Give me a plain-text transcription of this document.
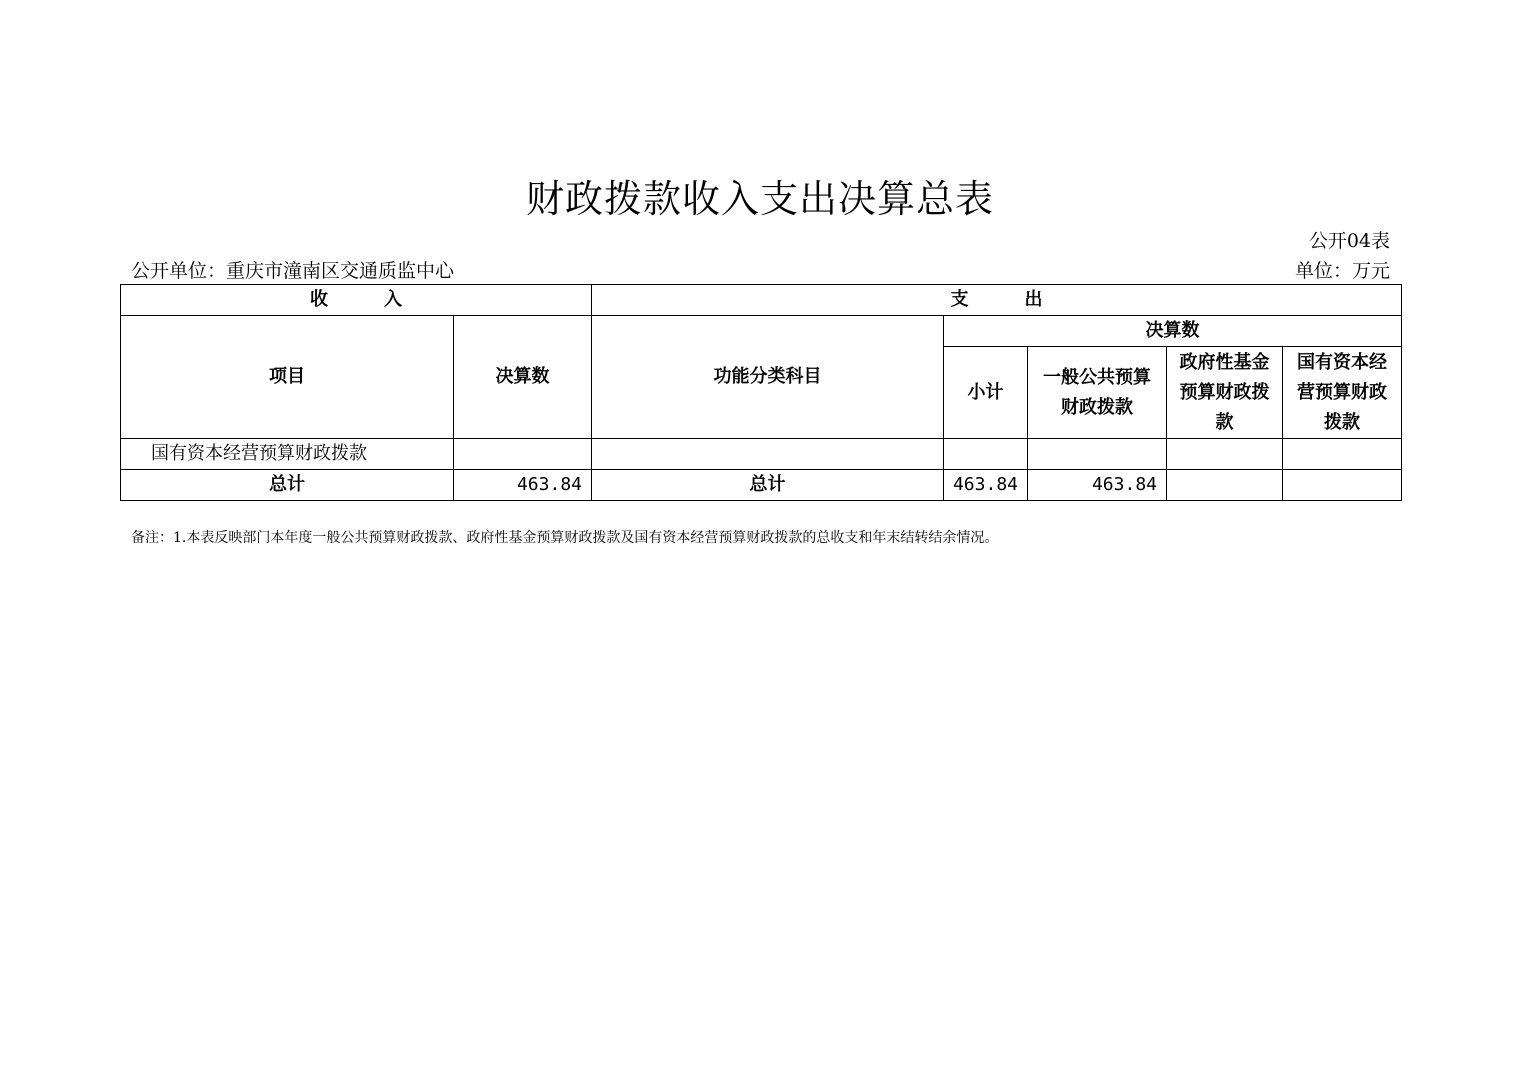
财政拨款收入支出决算总表
公开04表
公开单位：重庆市潼南区交通质监中心	单位：万元
收 入		支 出				
项目	决算数	功能分类科目	决算数			
			小计	一般公共预算财政拨款	政府性基金预算财政拨款	国有资本经营预算财政拨款
国有资本经营预算财政拨款						
总计	463.84	总计	463.84	463.84		
备注：1.本表反映部门本年度一般公共预算财政拨款、政府性基金预算财政拨款及国有资本经营预算财政拨款的总收支和年末结转结余情况。
